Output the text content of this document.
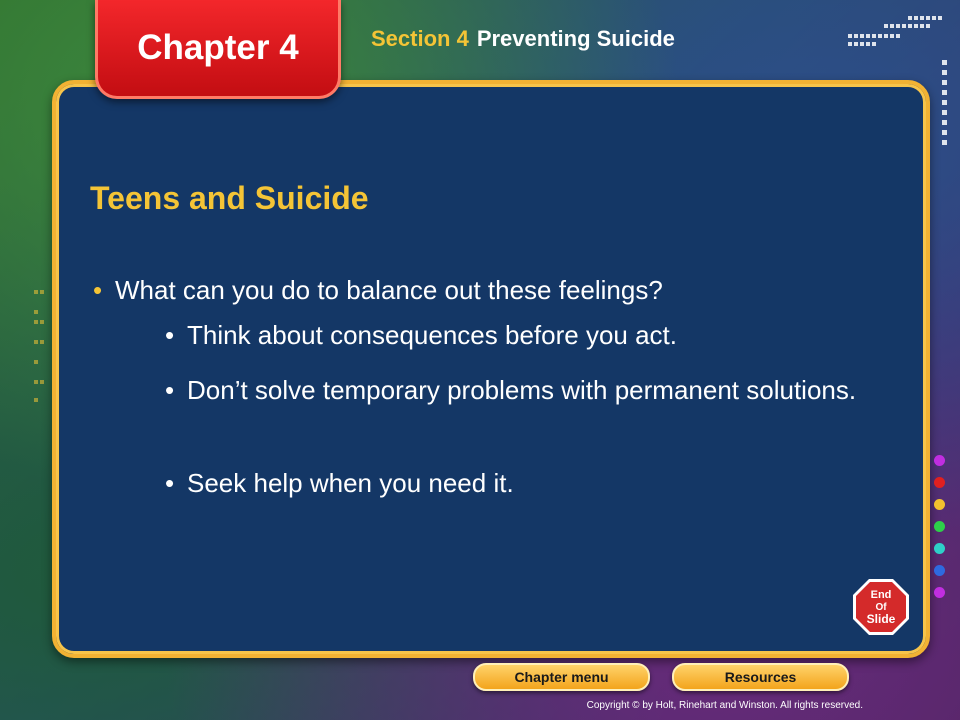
Chapter 4	Section 4 Preventing Suicide
Teens and Suicide
• What can you do to balance out these feelings?
• Think about consequences before you act.
• Don’t solve temporary problems with permanent solutions.
• Seek help when you need it.
End
Of
Slide
Chapter menu	Resources
Copyright © by Holt, Rinehart and Winston. All rights reserved.
